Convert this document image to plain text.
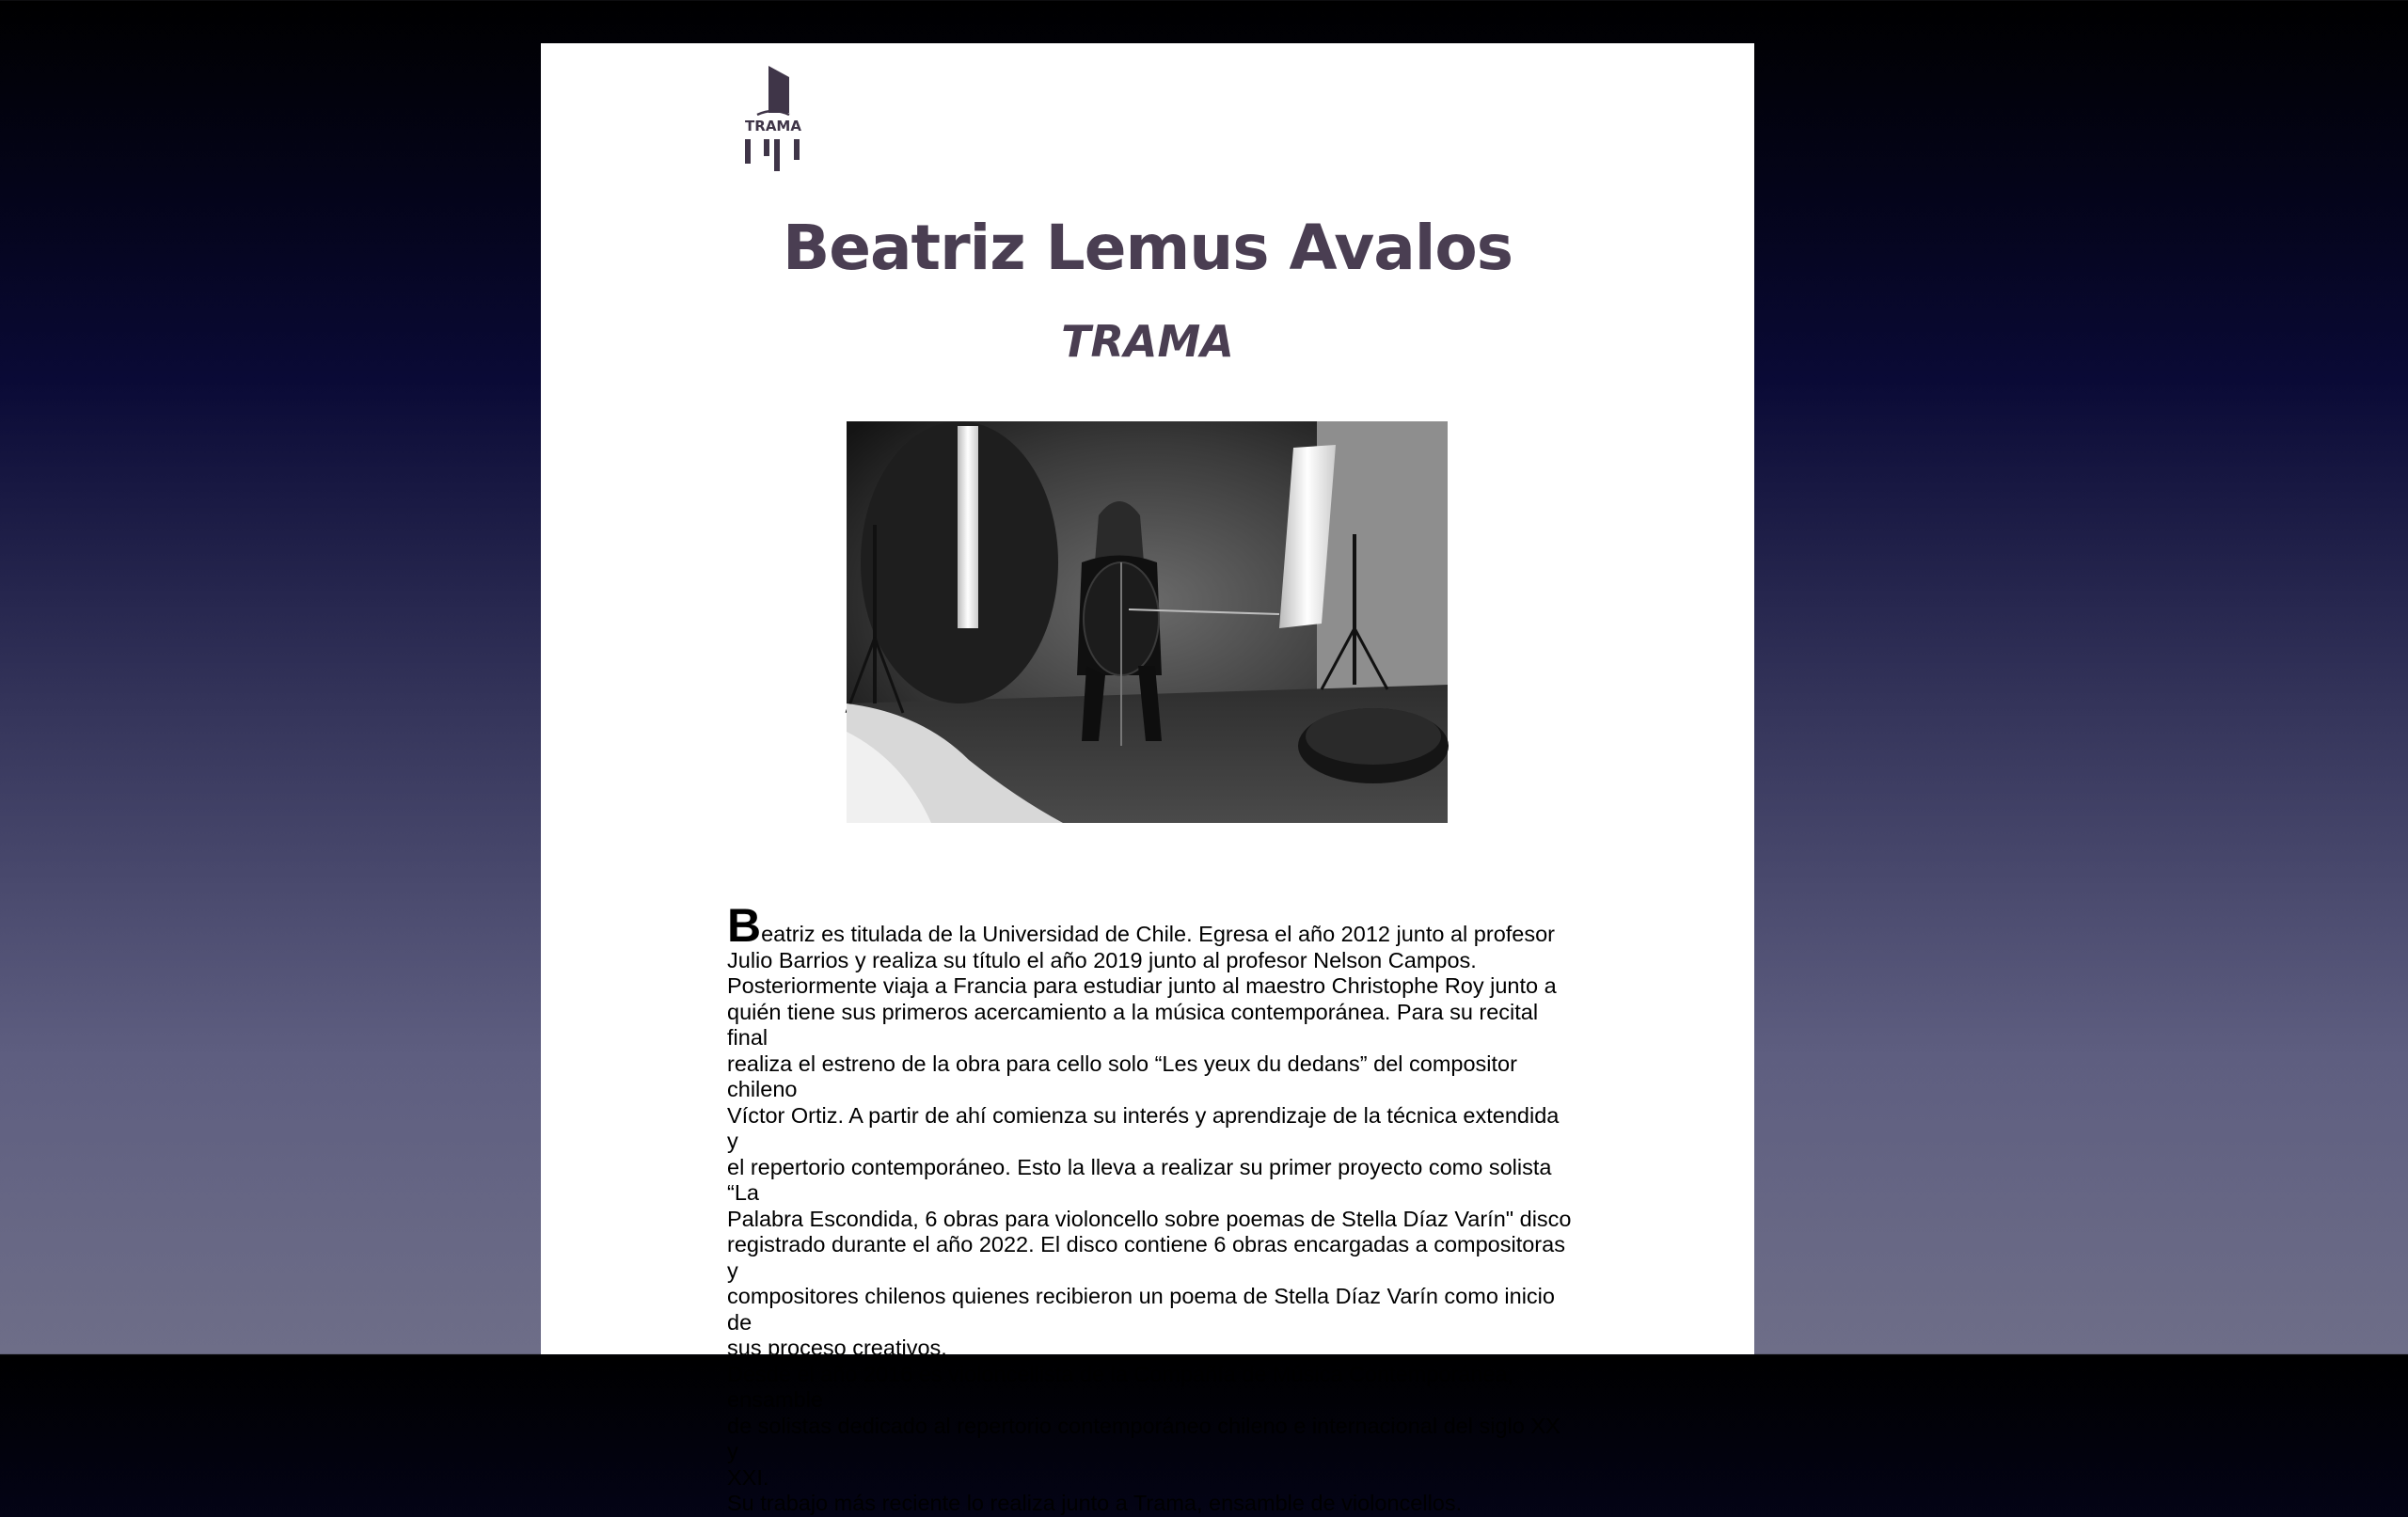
TRAMA
Beatriz Lemus Avalos
TRAMA

Beatriz es titulada de la Universidad de Chile. Egresa el año 2012 junto al profesor

Julio Barrios y realiza su título el año 2019 junto al profesor Nelson Campos.

Posteriormente viaja a Francia para estudiar junto al maestro Christophe Roy junto a

quién tiene sus primeros acercamiento a la música contemporánea. Para su recital final

realiza el estreno de la obra para cello solo “Les yeux du dedans” del compositor chileno

Víctor Ortiz. A partir de ahí comienza su interés y aprendizaje de la técnica extendida y

el repertorio contemporáneo. Esto la lleva a realizar su primer proyecto como solista “La

Palabra Escondida, 6 obras para violoncello sobre poemas de Stella Díaz Varín" disco

registrado durante el año 2022. El disco contiene 6 obras encargadas a compositoras y

compositores chilenos quienes recibieron un poema de Stella Díaz Varín como inicio de

sus proceso creativos.

Desde el año 2016 es violoncellista de la Compañía de Música Contemporánea,

ensamble

de solistas dedicado al repertorio contemporáneo chileno e internacional del siglo XX y

XXI.

Su trabajo más reciente lo realiza junto a Trama, ensamble de violoncellos.
